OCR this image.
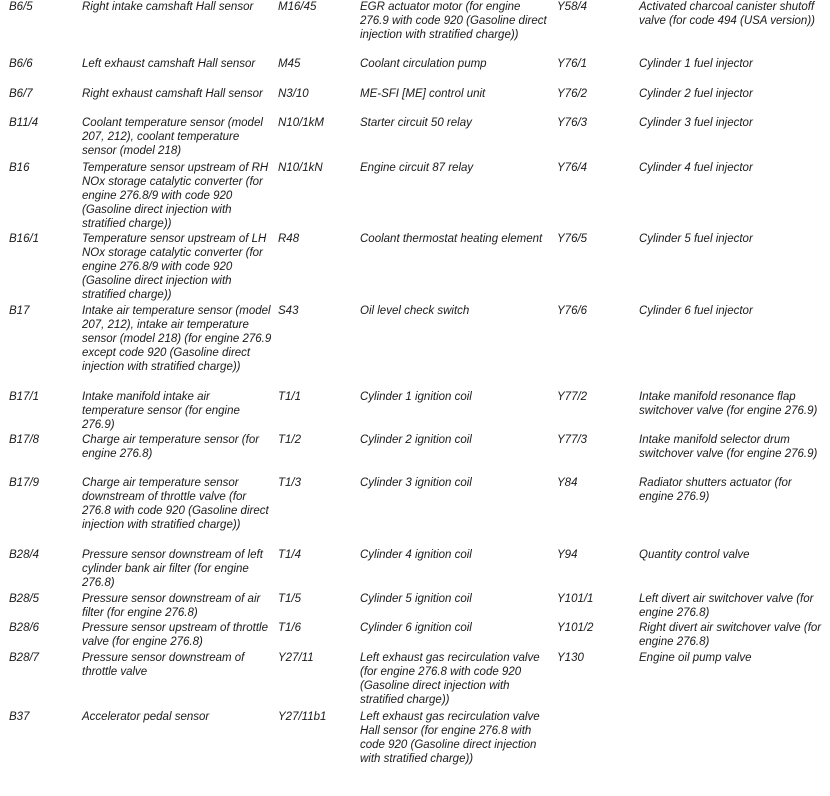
B6/5	Right intake camshaft Hall sensor	M16/45	EGR actuator motor (for engine 276.9 with code 920 (Gasoline direct injection with stratified charge))	Y58/4	Activated charcoal canister shutoff valve (for code 494 (USA version))

B6/6	Left exhaust camshaft Hall sensor	M45	Coolant circulation pump	Y76/1	Cylinder 1 fuel injector

B6/7	Right exhaust camshaft Hall sensor	N3/10	ME-SFI [ME] control unit	Y76/2	Cylinder 2 fuel injector

B11/4	Coolant temperature sensor (model 207, 212), coolant temperature sensor (model 218)	N10/1kM	Starter circuit 50 relay	Y76/3	Cylinder 3 fuel injector

B16	Temperature sensor upstream of RH NOx storage catalytic converter (for engine 276.8/9 with code 920 (Gasoline direct injection with stratified charge))	N10/1kN	Engine circuit 87 relay	Y76/4	Cylinder 4 fuel injector

B16/1	Temperature sensor upstream of LH NOx storage catalytic converter (for engine 276.8/9 with code 920 (Gasoline direct injection with stratified charge))	R48	Coolant thermostat heating element	Y76/5	Cylinder 5 fuel injector

B17	Intake air temperature sensor (model 207, 212), intake air temperature sensor (model 218) (for engine 276.9 except code 920 (Gasoline direct injection with stratified charge))	S43	Oil level check switch	Y76/6	Cylinder 6 fuel injector

B17/1	Intake manifold intake air temperature sensor (for engine 276.9)	T1/1	Cylinder 1 ignition coil	Y77/2	Intake manifold resonance flap switchover valve (for engine 276.9)

B17/8	Charge air temperature sensor (for engine 276.8)	T1/2	Cylinder 2 ignition coil	Y77/3	Intake manifold selector drum switchover valve (for engine 276.9)

B17/9	Charge air temperature sensor downstream of throttle valve (for 276.8 with code 920 (Gasoline direct injection with stratified charge))	T1/3	Cylinder 3 ignition coil	Y84	Radiator shutters actuator (for engine 276.9)

B28/4	Pressure sensor downstream of left cylinder bank air filter (for engine 276.8)	T1/4	Cylinder 4 ignition coil	Y94	Quantity control valve

B28/5	Pressure sensor downstream of air filter (for engine 276.8)	T1/5	Cylinder 5 ignition coil	Y101/1	Left divert air switchover valve (for engine 276.8)

B28/6	Pressure sensor upstream of throttle valve (for engine 276.8)	T1/6	Cylinder 6 ignition coil	Y101/2	Right divert air switchover valve (for engine 276.8)

B28/7	Pressure sensor downstream of throttle valve	Y27/11	Left exhaust gas recirculation valve (for engine 276.8 with code 920 (Gasoline direct injection with stratified charge))	Y130	Engine oil pump valve

B37	Accelerator pedal sensor	Y27/11b1	Left exhaust gas recirculation valve Hall sensor (for engine 276.8 with code 920 (Gasoline direct injection with stratified charge))		
